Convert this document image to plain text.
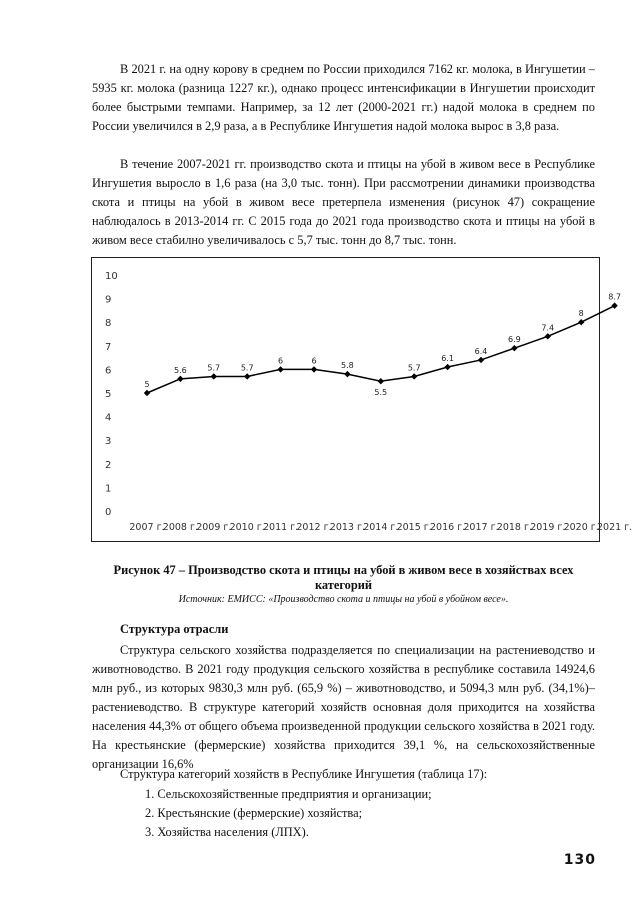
В 2021 г. на одну корову в среднем по России приходился 7162 кг. молока, в Ингушетии – 5935 кг. молока (разница 1227 кг.), однако процесс интенсификации в Ингушетии происходит более быстрыми темпами. Например, за 12 лет (2000-2021 гг.) надой молока в среднем по России увеличился в 2,9 раза, а в Республике Ингушетия надой молока вырос в 3,8 раза.

В течение 2007-2021 гг. производство скота и птицы на убой в живом весе в Республике Ингушетия выросло в 1,6 раза (на 3,0 тыс. тонн). При рассмотрении динамики производства скота и птицы на убой в живом весе претерпела изменения (рисунок 47) сокращение наблюдалось в 2013-2014 гг. С 2015 года до 2021 года производство скота и птицы на убой в живом весе стабилно увеличивалось с 5,7 тыс. тонн до 8,7 тыс. тонн.

0
1
2
3
4
5
6
7
8
9
10
2007 г.
2008 г.
2009 г.
2010 г.
2011 г.
2012 г.
2013 г.
2014 г.
2015 г.
2016 г.
2017 г.
2018 г.
2019 г.
2020 г.
2021 г.
5
5.6	5.7	5.7
6	6
5.8
5.5
5.7
6.1
6.4
6.9
7.4
8
8.7
Рисунок 47 – Производство скота и птицы на убой в живом весе в хозяйствах всех категорий
Источник: ЕМИСС: «Производство скота и птицы на убой в убойном весе».
Структура отрасли

Структура сельского хозяйства подразделяется по специализации на растениеводство и животноводство. В 2021 году продукция сельского хозяйства в республике составила 14924,6 млн руб., из которых 9830,3 млн руб. (65,9 %) – животноводство, и 5094,3 млн руб. (34,1%)– растениеводство. В структуре категорий хозяйств основная доля приходится на хозяйства населения 44,3% от общего объема произведенной продукции сельского хозяйства в 2021 году. На крестьянские (фермерские) хозяйства приходится 39,1 %, на сельскохозяйственные организации 16,6%

Структура категорий хозяйств в Республике Ингушетия (таблица 17):

1. Сельскохозяйственные предприятия и организации;
2. Крестьянские (фермерские) хозяйства;
3. Хозяйства населения (ЛПХ).
130
